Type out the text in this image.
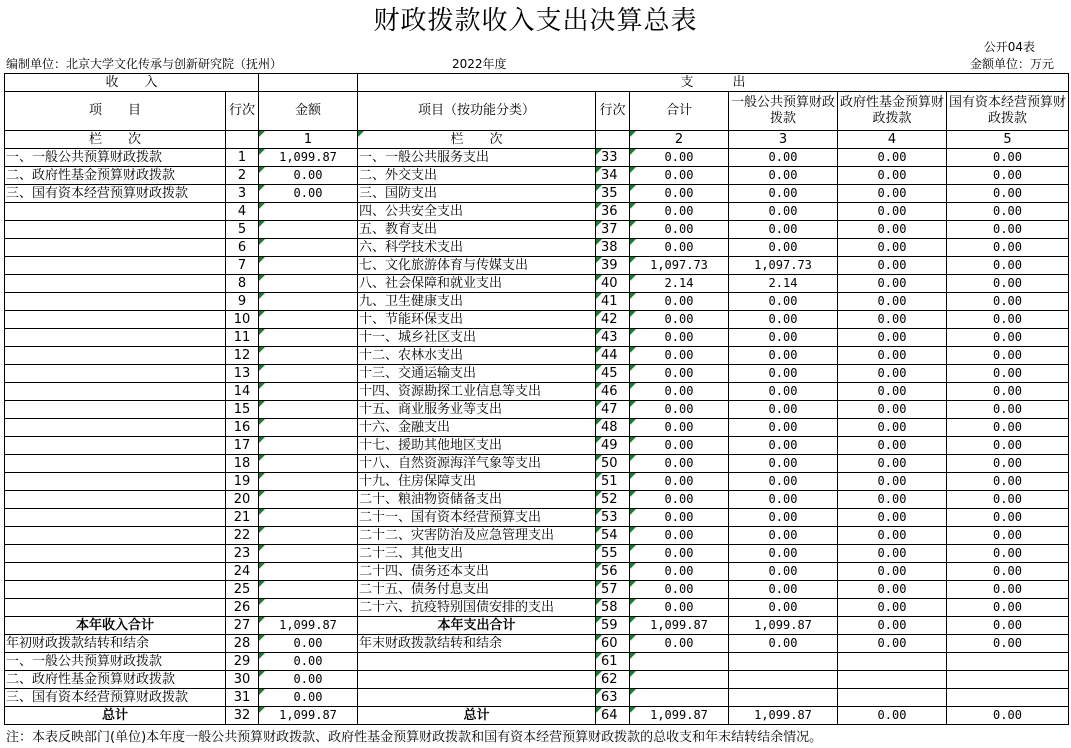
财政拨款收入支出决算总表
公开04表
编制单位：北京大学文化传承与创新研究院（抚州）	2022年度	金额单位：万元
收　　入			支　　　出					
项　　目	行次	金额	项目（按功能分类）	行次	合计	一般公共预算财政拨款	政府性基金预算财政拨款	国有资本经营预算财政拨款
栏　　次		1	栏　　次		2	3	4	5
一、一般公共预算财政拨款	1	1,099.87	一、一般公共服务支出	33	0.00	0.00	0.00	0.00
二、政府性基金预算财政拨款	2	0.00	二、外交支出	34	0.00	0.00	0.00	0.00
三、国有资本经营预算财政拨款	3	0.00	三、国防支出	35	0.00	0.00	0.00	0.00
	4		四、公共安全支出	36	0.00	0.00	0.00	0.00
	5		五、教育支出	37	0.00	0.00	0.00	0.00
	6		六、科学技术支出	38	0.00	0.00	0.00	0.00
	7		七、文化旅游体育与传媒支出	39	1,097.73	1,097.73	0.00	0.00
	8		八、社会保障和就业支出	40	2.14	2.14	0.00	0.00
	9		九、卫生健康支出	41	0.00	0.00	0.00	0.00
	10		十、节能环保支出	42	0.00	0.00	0.00	0.00
	11		十一、城乡社区支出	43	0.00	0.00	0.00	0.00
	12		十二、农林水支出	44	0.00	0.00	0.00	0.00
	13		十三、交通运输支出	45	0.00	0.00	0.00	0.00
	14		十四、资源勘探工业信息等支出	46	0.00	0.00	0.00	0.00
	15		十五、商业服务业等支出	47	0.00	0.00	0.00	0.00
	16		十六、金融支出	48	0.00	0.00	0.00	0.00
	17		十七、援助其他地区支出	49	0.00	0.00	0.00	0.00
	18		十八、自然资源海洋气象等支出	50	0.00	0.00	0.00	0.00
	19		十九、住房保障支出	51	0.00	0.00	0.00	0.00
	20		二十、粮油物资储备支出	52	0.00	0.00	0.00	0.00
	21		二十一、国有资本经营预算支出	53	0.00	0.00	0.00	0.00
	22		二十二、灾害防治及应急管理支出	54	0.00	0.00	0.00	0.00
	23		二十三、其他支出	55	0.00	0.00	0.00	0.00
	24		二十四、债务还本支出	56	0.00	0.00	0.00	0.00
	25		二十五、债务付息支出	57	0.00	0.00	0.00	0.00
	26		二十六、抗疫特别国债安排的支出	58	0.00	0.00	0.00	0.00
本年收入合计	27	1,099.87	本年支出合计	59	1,099.87	1,099.87	0.00	0.00
年初财政拨款结转和结余	28	0.00	年末财政拨款结转和结余	60	0.00	0.00	0.00	0.00
一、一般公共预算财政拨款	29	0.00		61				
二、政府性基金预算财政拨款	30	0.00		62				
三、国有资本经营预算财政拨款	31	0.00		63				
总计	32	1,099.87	总计	64	1,099.87	1,099.87	0.00	0.00
注：本表反映部门(单位)本年度一般公共预算财政拨款、政府性基金预算财政拨款和国有资本经营预算财政拨款的总收支和年末结转结余情况。
